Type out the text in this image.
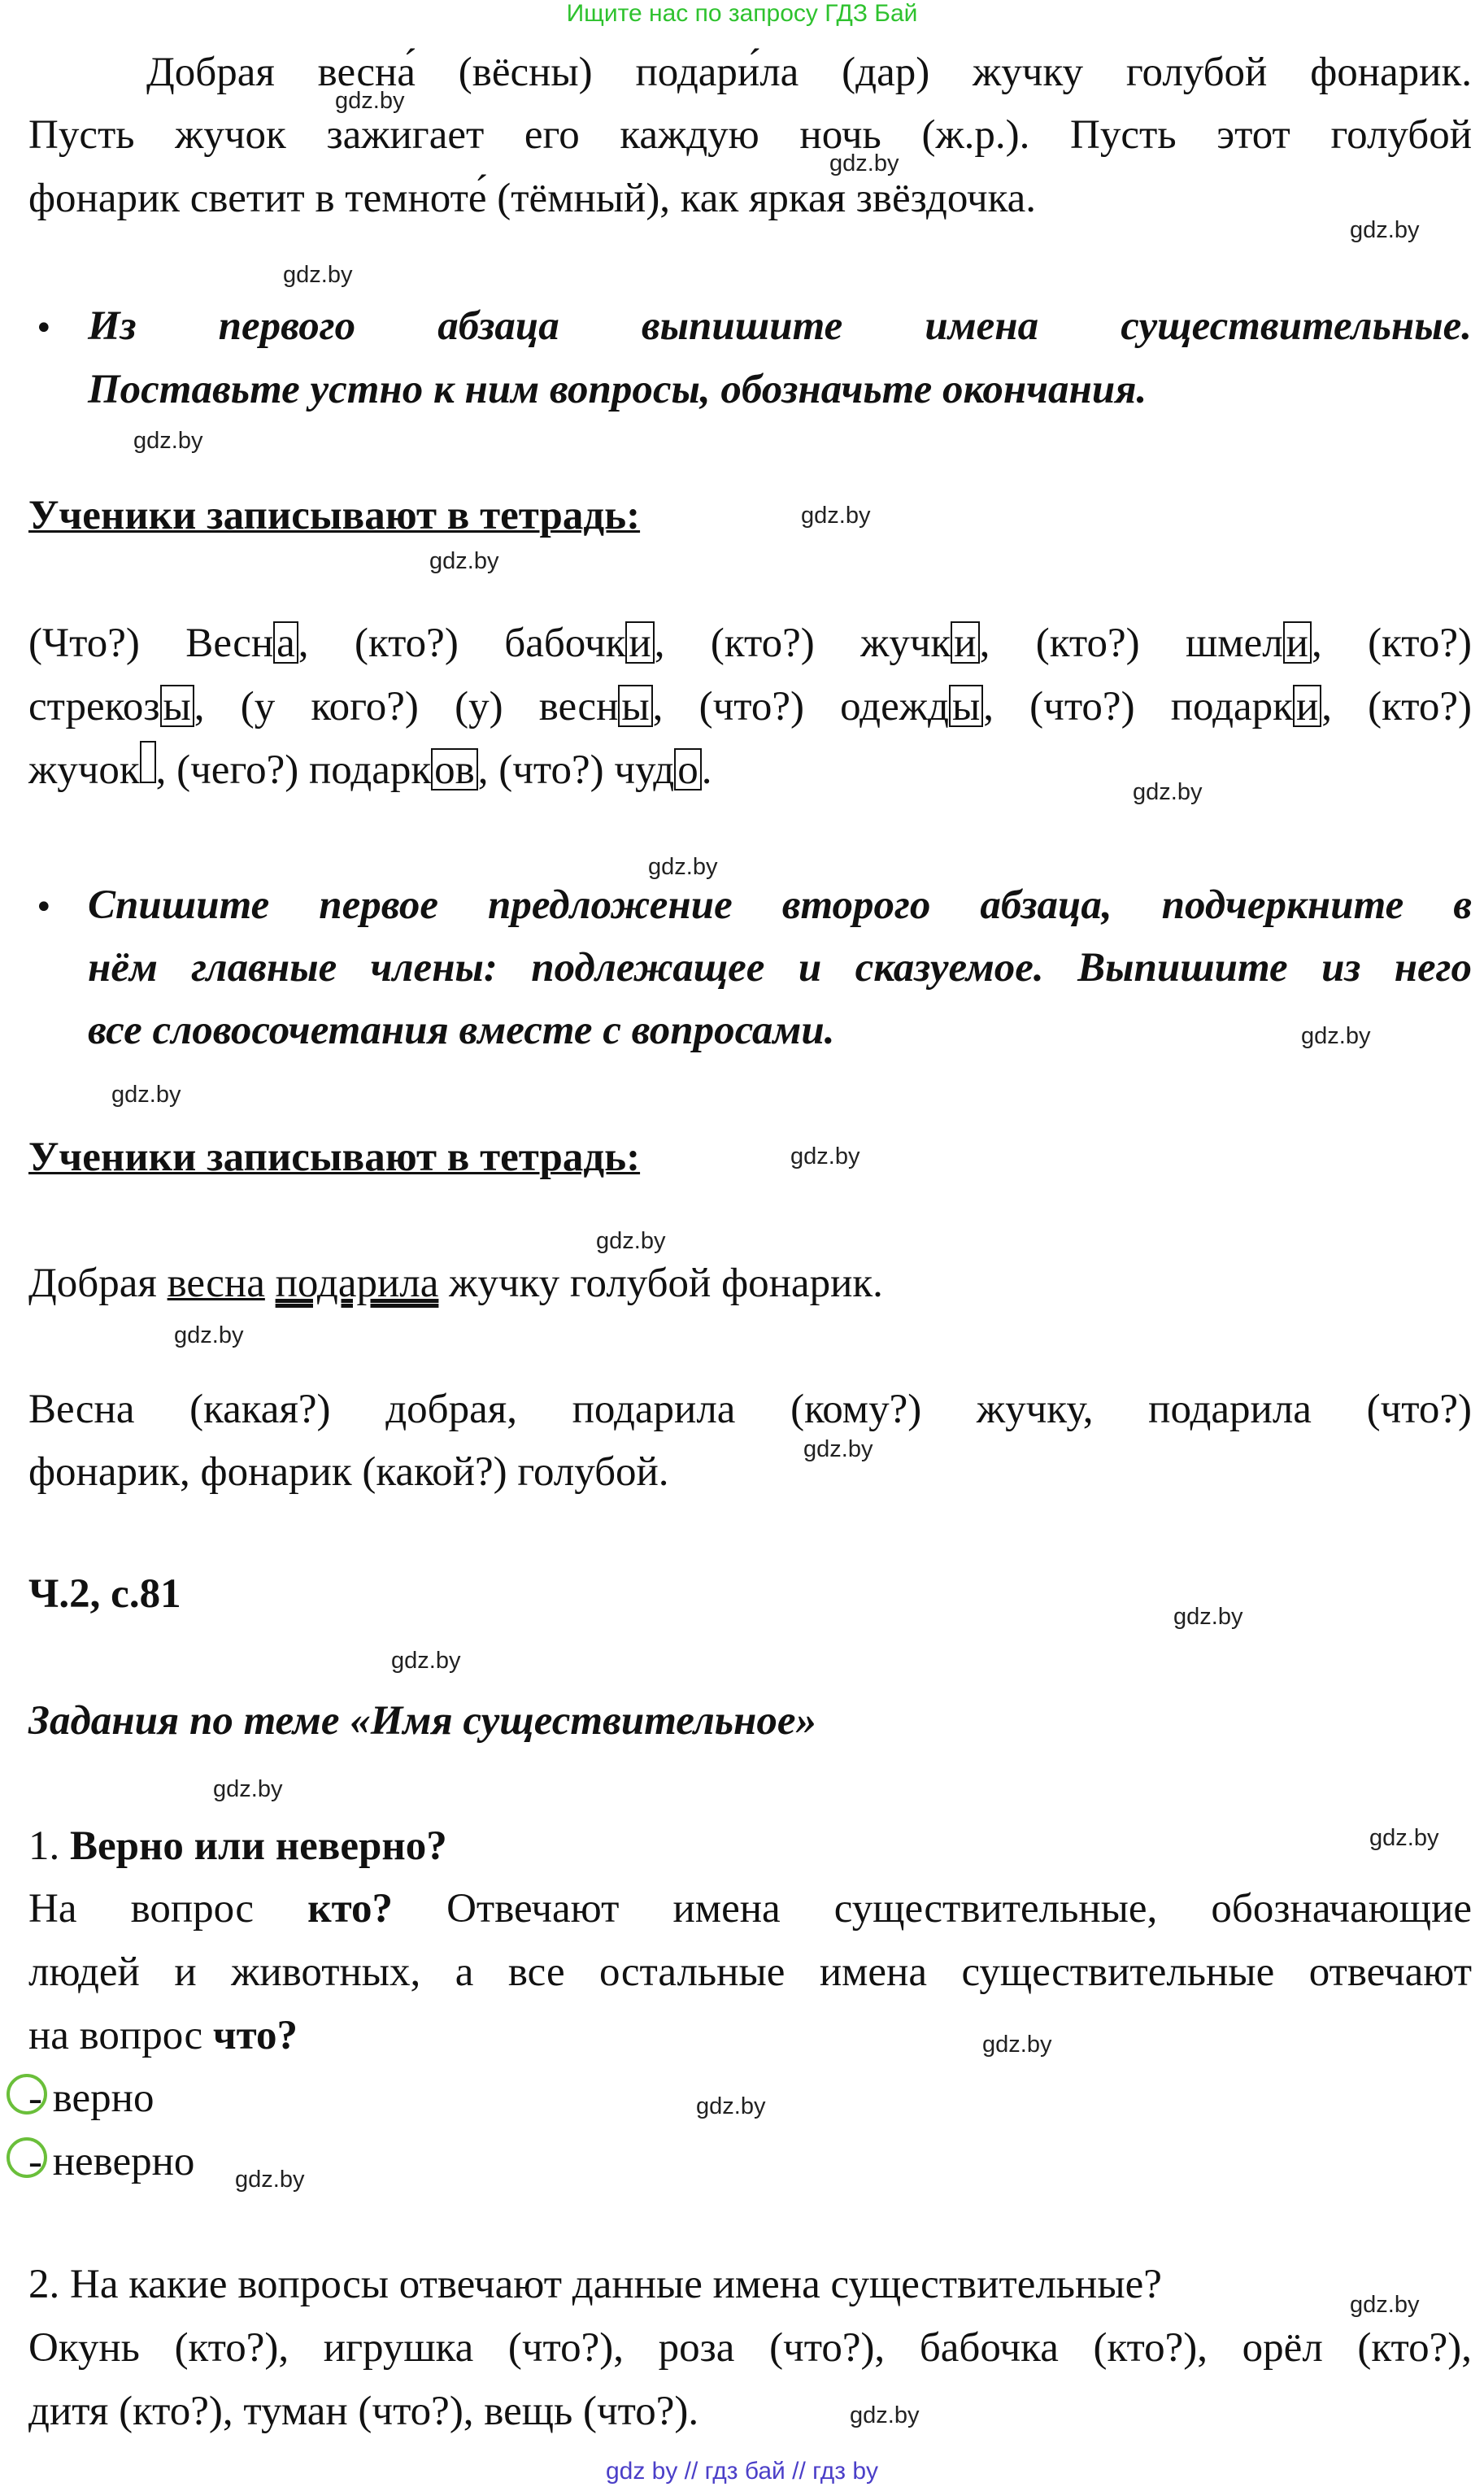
Ищите нас по запросу ГДЗ Бай
Добрая весна́ (вёсны) подари́ла (дар) жучку голубой фонарик.
Пусть жучок зажигает его каждую ночь (ж.р.). Пусть этот голубой
фонарик светит в темноте́ (тёмный), как яркая звёздочка.
• Из первого абзаца выпишите имена существительные.
Поставьте устно к ним вопросы, обозначьте окончания.
Ученики записывают в тетрадь:
(Что?) Весна, (кто?) бабочки, (кто?) жучки, (кто?) шмели, (кто?)
стрекозы, (у кого?) (у) весны, (что?) одежды, (что?) подарки, (кто?)
жучок , (чего?) подарков, (что?) чудо.
• Спишите первое предложение второго абзаца, подчеркните в
нём главные члены: подлежащее и сказуемое. Выпишите из него
все словосочетания вместе с вопросами.
Ученики записывают в тетрадь:
Добрая весна подарила жучку голубой фонарик.
Весна (какая?) добрая, подарила (кому?) жучку, подарила (что?)
фонарик, фонарик (какой?) голубой.
Ч.2, с.81
Задания по теме «Имя существительное»
1. Верно или неверно?
На вопрос кто? Отвечают имена существительные, обозначающие
людей и животных, а все остальные имена существительные отвечают
на вопрос что?
- верно
- неверно
2. На какие вопросы отвечают данные имена существительные?
Окунь (кто?), игрушка (что?), роза (что?), бабочка (кто?), орёл (кто?),
дитя (кто?), туман (что?), вещь (что?).
gdz.by
gdz.by
gdz.by
gdz.by
gdz.by
gdz.by
gdz.by
gdz.by
gdz.by
gdz.by
gdz.by
gdz.by
gdz.by
gdz.by
gdz.by
gdz.by
gdz.by
gdz.by
gdz.by
gdz.by
gdz.by
gdz.by
gdz.by
gdz.by
gdz by // гдз бай // гдз by
